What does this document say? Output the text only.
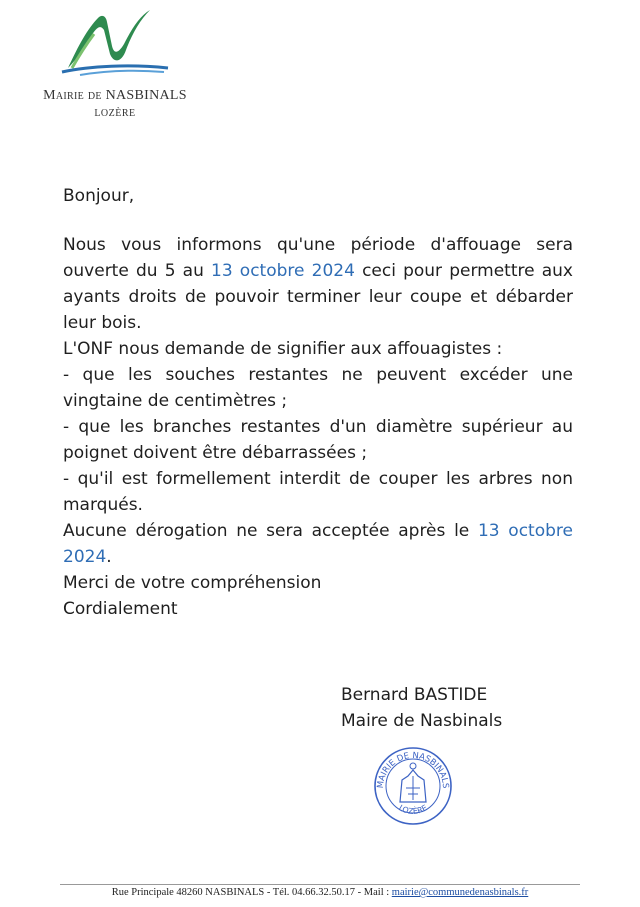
Mairie de NASBINALS
LOZÈRE

Bonjour,

Nous vous informons qu'une période d'affouage sera ouverte du 5 au 13 octobre 2024 ceci pour permettre aux ayants droits de pouvoir terminer leur coupe et débarder leur bois.

L'ONF nous demande de signifier aux affouagistes :

- que les souches restantes ne peuvent excéder une vingtaine de centimètres ;

- que les branches restantes d'un diamètre supérieur au poignet doivent être débarrassées ;

- qu'il est formellement interdit de couper les arbres non marqués.

Aucune dérogation ne sera acceptée après le 13 octobre 2024.

Merci de votre compréhension

Cordialement

Bernard BASTIDE
Maire de Nasbinals
MAIRIE DE NASBINALS
LOZÈRE
Rue Principale 48260 NASBINALS - Tél. 04.66.32.50.17 - Mail : mairie@communedenasbinals.fr
